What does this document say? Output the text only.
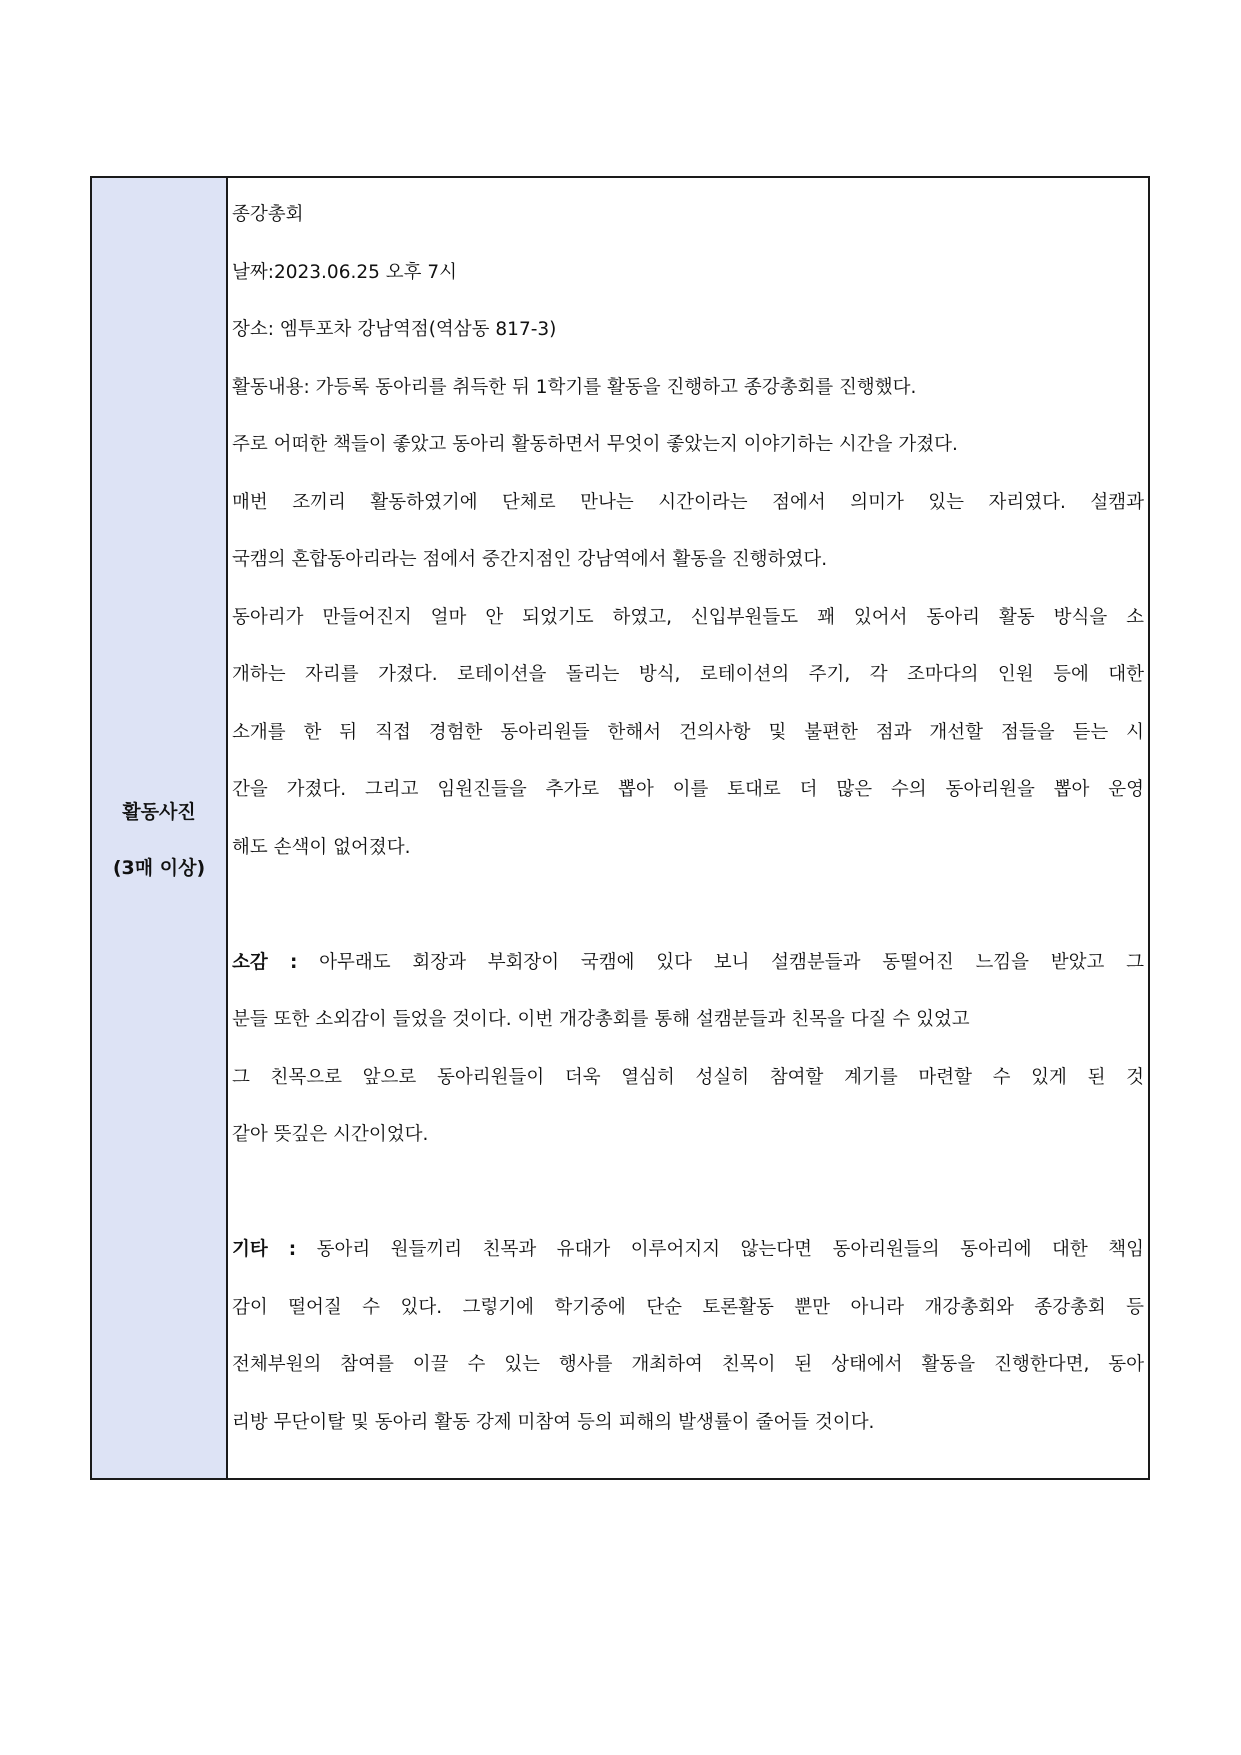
활동사진
(3매 이상)

종강총회

날짜:2023.06.25 오후 7시

장소: 엠투포차 강남역점(역삼동 817-3)

활동내용: 가등록 동아리를 취득한 뒤 1학기를 활동을 진행하고 종강총회를 진행했다.

주로 어떠한 책들이 좋았고 동아리 활동하면서 무엇이 좋았는지 이야기하는 시간을 가졌다.

매번 조끼리 활동하였기에 단체로 만나는 시간이라는 점에서 의미가 있는 자리였다. 설캠과

국캠의 혼합동아리라는 점에서 중간지점인 강남역에서 활동을 진행하였다.

동아리가 만들어진지 얼마 안 되었기도 하였고, 신입부원들도 꽤 있어서 동아리 활동 방식을 소

개하는 자리를 가졌다. 로테이션을 돌리는 방식, 로테이션의 주기, 각 조마다의 인원 등에 대한

소개를 한 뒤 직접 경험한 동아리원들 한해서 건의사항 및 불편한 점과 개선할 점들을 듣는 시

간을 가졌다. 그리고 임원진들을 추가로 뽑아 이를 토대로 더 많은 수의 동아리원을 뽑아 운영

해도 손색이 없어졌다.

소감 : 아무래도 회장과 부회장이 국캠에 있다 보니 설캠분들과 동떨어진 느낌을 받았고 그

분들 또한 소외감이 들었을 것이다. 이번 개강총회를 통해 설캠분들과 친목을 다질 수 있었고

그 친목으로 앞으로 동아리원들이 더욱 열심히 성실히 참여할 계기를 마련할 수 있게 된 것

같아 뜻깊은 시간이었다.

기타 : 동아리 원들끼리 친목과 유대가 이루어지지 않는다면 동아리원들의 동아리에 대한 책임

감이 떨어질 수 있다. 그렇기에 학기중에 단순 토론활동 뿐만 아니라 개강총회와 종강총회 등

전체부원의 참여를 이끌 수 있는 행사를 개최하여 친목이 된 상태에서 활동을 진행한다면, 동아

리방 무단이탈 및 동아리 활동 강제 미참여 등의 피해의 발생률이 줄어들 것이다.
